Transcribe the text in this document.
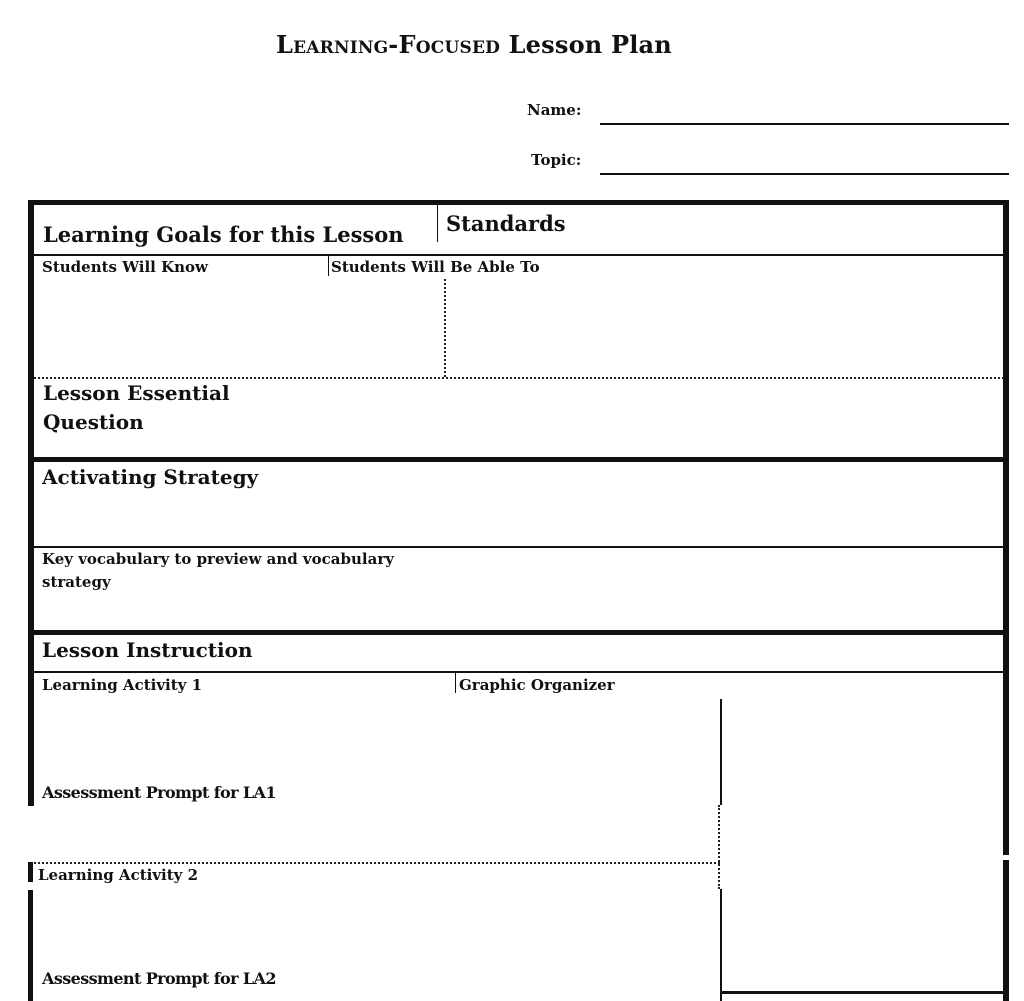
Learning-Focused Lesson Plan
Name:
Topic:
Learning Goals for this Lesson Standards
Students Will Know	Students Will Be Able To
Lesson Essential
Question
Activating Strategy
Key vocabulary to preview and vocabulary
strategy
Lesson Instruction
Learning Activity 1	Graphic Organizer
Assessment Prompt for LA1
Learning Activity 2
Assessment Prompt for LA2
